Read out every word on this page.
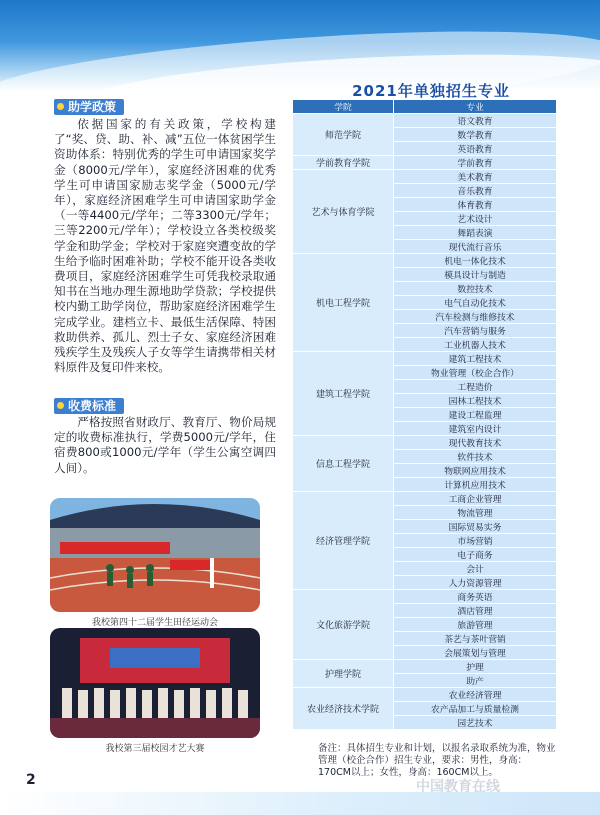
助学政策

依据国家的有关政策，学校构建了“奖、贷、助、补、减”五位一体贫困学生资助体系：特别优秀的学生可申请国家奖学金（8000元/学年），家庭经济困难的优秀学生可申请国家励志奖学金（5000元/学年），家庭经济困难学生可申请国家助学金（一等4400元/学年；二等3300元/学年；三等2200元/学年）；学校设立各类校级奖学金和助学金；学校对于家庭突遭变故的学生给予临时困难补助；学校不能开设各类收费项目，家庭经济困难学生可凭我校录取通知书在当地办理生源地助学贷款；学校提供校内勤工助学岗位，帮助家庭经济困难学生完成学业。建档立卡、最低生活保障、特困救助供养、孤儿、烈士子女、家庭经济困难残疾学生及残疾人子女等学生请携带相关材料原件及复印件来校。

收费标准

严格按照省财政厅、教育厅、物价局规定的收费标准执行，学费5000元/学年，住宿费800或1000元/学年（学生公寓空调四人间）。

我校第四十二届学生田径运动会
我校第三届校园才艺大赛
2021年单独招生专业
学院	专业
师范学院	语文教育
	数学教育
	英语教育
学前教育学院	学前教育
艺术与体育学院	美术教育
	音乐教育
	体育教育
	艺术设计
	舞蹈表演
	现代流行音乐
机电工程学院	机电一体化技术
	模具设计与制造
	数控技术
	电气自动化技术
	汽车检测与维修技术
	汽车营销与服务
	工业机器人技术
建筑工程学院	建筑工程技术
	物业管理（校企合作）
	工程造价
	园林工程技术
	建设工程监理
	建筑室内设计
信息工程学院	现代教育技术
	软件技术
	物联网应用技术
	计算机应用技术
经济管理学院	工商企业管理
	物流管理
	国际贸易实务
	市场营销
	电子商务
	会计
	人力资源管理
文化旅游学院	商务英语
	酒店管理
	旅游管理
	茶艺与茶叶营销
	会展策划与管理
护理学院	护理
	助产
农业经济技术学院	农业经济管理
	农产品加工与质量检测
	园艺技术
备注：具体招生专业和计划，以报名录取系统为准，物业管理（校企合作）招生专业，要求：男性，身高：170CM以上；女性，身高：160CM以上。
2	中国教育在线
